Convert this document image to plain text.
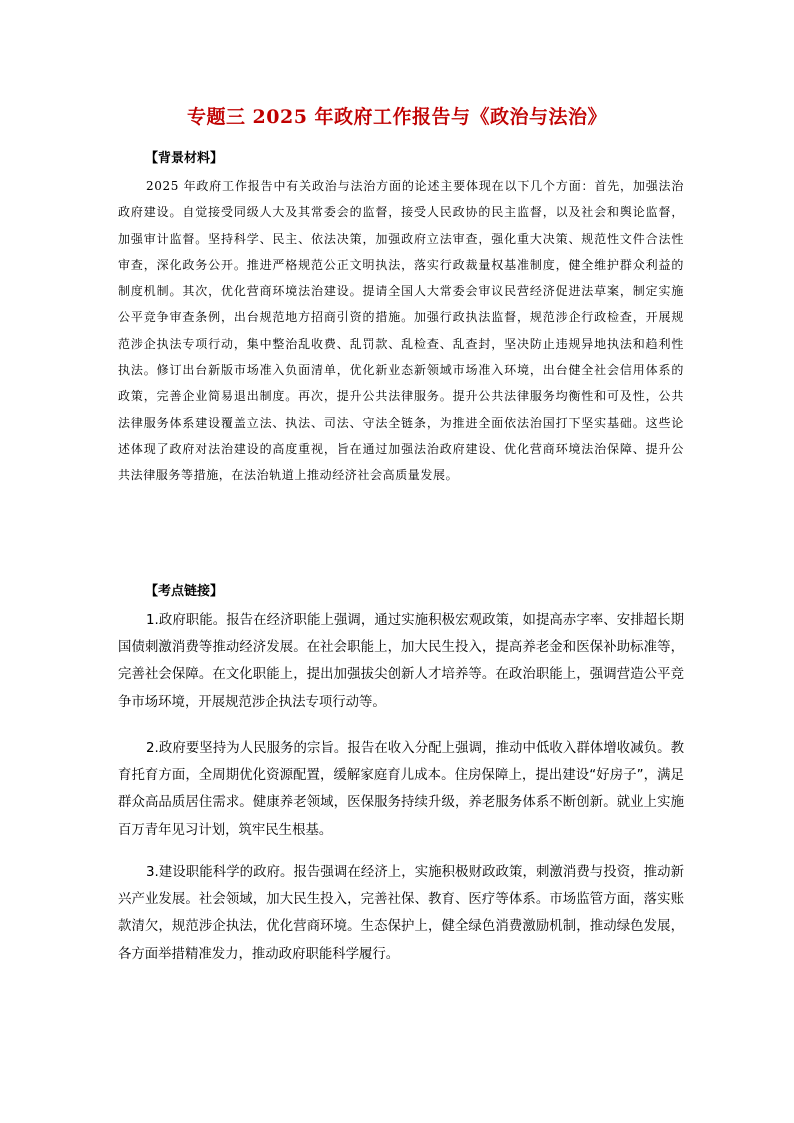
专题三 2025 年政府工作报告与《政治与法治》
【背景材料】

2025 年政府工作报告中有关政治与法治方面的论述主要体现在以下几个方面：首先，加强法治政府建设。自觉接受同级人大及其常委会的监督，接受人民政协的民主监督，以及社会和舆论监督，加强审计监督。坚持科学、民主、依法决策，加强政府立法审查，强化重大决策、规范性文件合法性审查，深化政务公开。推进严格规范公正文明执法，落实行政裁量权基准制度，健全维护群众利益的制度机制。其次，优化营商环境法治建设。提请全国人大常委会审议民营经济促进法草案，制定实施公平竞争审查条例，出台规范地方招商引资的措施。加强行政执法监督，规范涉企行政检查，开展规范涉企执法专项行动，集中整治乱收费、乱罚款、乱检查、乱查封，坚决防止违规异地执法和趋利性执法。修订出台新版市场准入负面清单，优化新业态新领域市场准入环境，出台健全社会信用体系的政策，完善企业简易退出制度。再次，提升公共法律服务。提升公共法律服务均衡性和可及性，公共法律服务体系建设覆盖立法、执法、司法、守法全链条，为推进全面依法治国打下坚实基础。这些论述体现了政府对法治建设的高度重视，旨在通过加强法治政府建设、优化营商环境法治保障、提升公共法律服务等措施，在法治轨道上推动经济社会高质量发展。

【考点链接】

1.政府职能。报告在经济职能上强调，通过实施积极宏观政策，如提高赤字率、安排超长期国债刺激消费等推动经济发展。在社会职能上，加大民生投入，提高养老金和医保补助标准等，完善社会保障。在文化职能上，提出加强拔尖创新人才培养等。在政治职能上，强调营造公平竞争市场环境，开展规范涉企执法专项行动等。

2.政府要坚持为人民服务的宗旨。报告在收入分配上强调，推动中低收入群体增收减负。教育托育方面，全周期优化资源配置，缓解家庭育儿成本。住房保障上，提出建设“好房子”，满足群众高品质居住需求。健康养老领域，医保服务持续升级，养老服务体系不断创新。就业上实施百万青年见习计划，筑牢民生根基。

3.建设职能科学的政府。报告强调在经济上，实施积极财政政策，刺激消费与投资，推动新兴产业发展。社会领域，加大民生投入，完善社保、教育、医疗等体系。市场监管方面，落实账款清欠，规范涉企执法，优化营商环境。生态保护上，健全绿色消费激励机制，推动绿色发展，各方面举措精准发力，推动政府职能科学履行。
